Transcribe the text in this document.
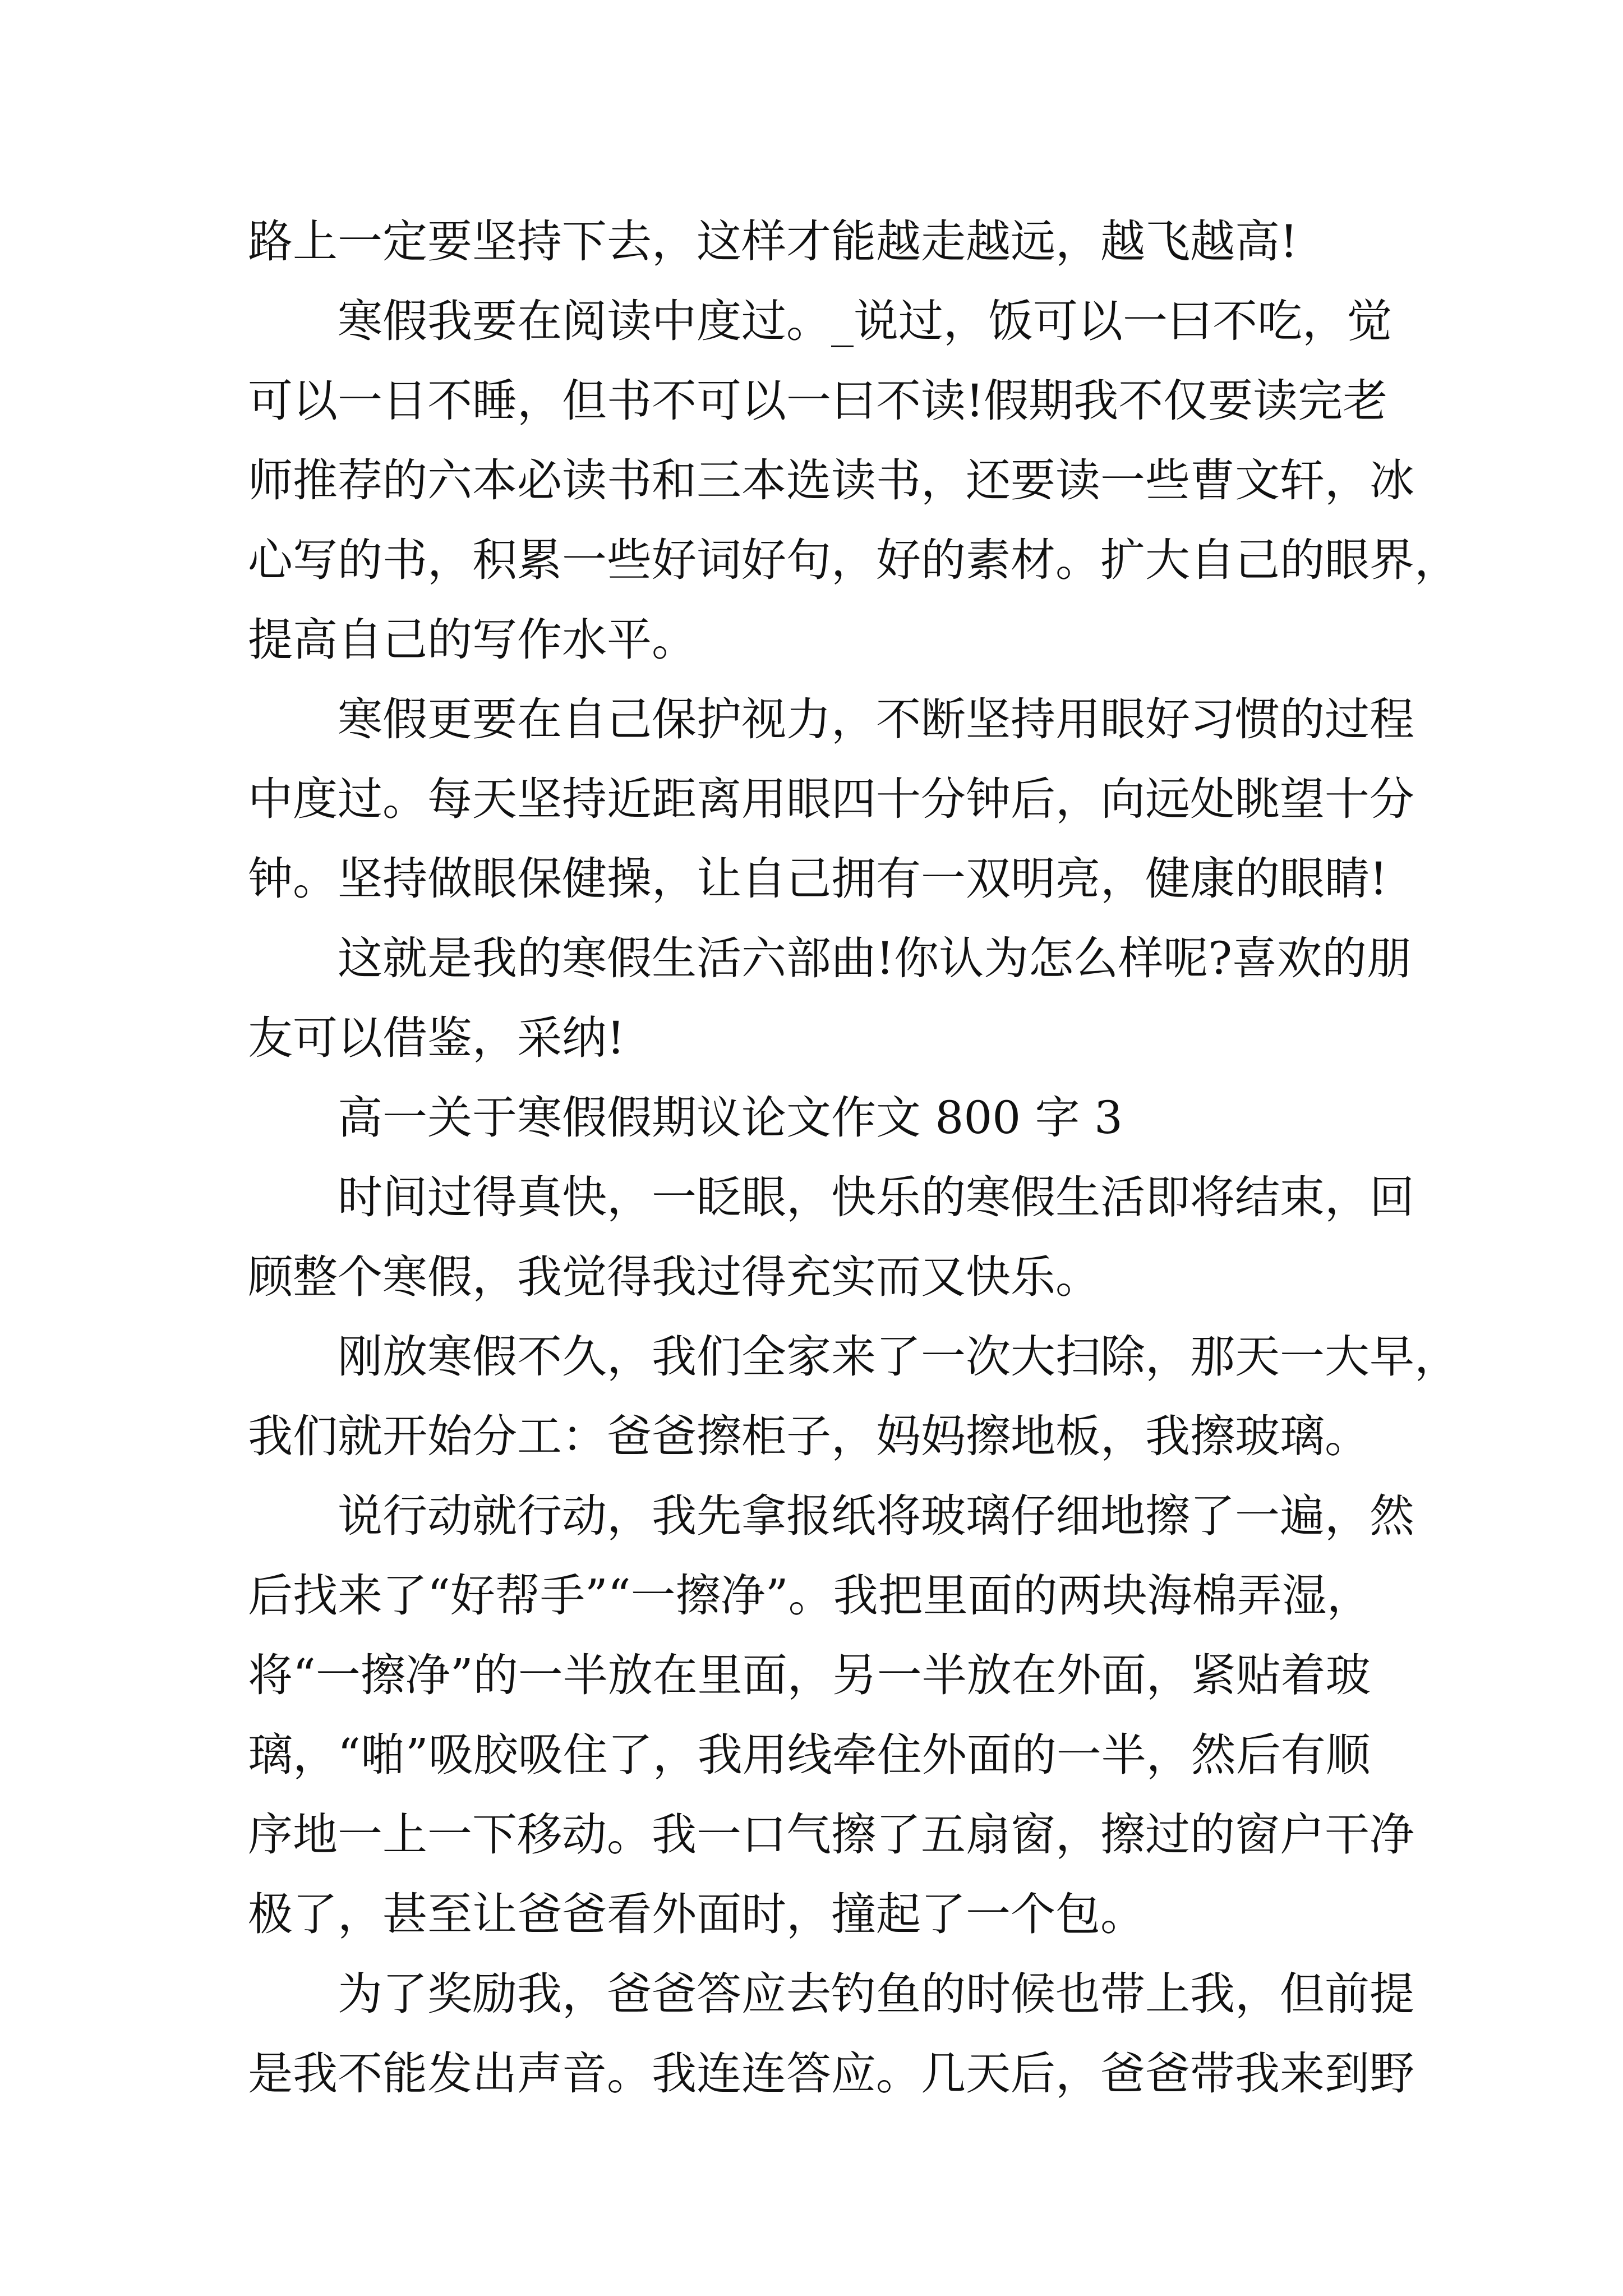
路上一定要坚持下去，这样才能越走越远，越飞越高!
寒假我要在阅读中度过。_说过，饭可以一曰不吃，觉
可以一日不睡，但书不可以一曰不读!假期我不仅要读完老
师推荐的六本必读书和三本选读书，还要读一些曹文轩，冰
心写的书，积累一些好词好句，好的素材。扩大自己的眼界，
提高自己的写作水平。
寒假更要在自己保护视力，不断坚持用眼好习惯的过程
中度过。每天坚持近距离用眼四十分钟后，向远处眺望十分
钟。坚持做眼保健操，让自己拥有一双明亮，健康的眼睛!
这就是我的寒假生活六部曲!你认为怎么样呢?喜欢的朋
友可以借鉴，采纳!
高一关于寒假假期议论文作文 800 字 3
时间过得真快，一眨眼，快乐的寒假生活即将结束，回
顾整个寒假，我觉得我过得充实而又快乐。
刚放寒假不久，我们全家来了一次大扫除，那天一大早，
我们就开始分工：爸爸擦柜子，妈妈擦地板，我擦玻璃。
说行动就行动，我先拿报纸将玻璃仔细地擦了一遍，然
后找来了“好帮手”“一擦净”。我把里面的两块海棉弄湿，
将“一擦净”的一半放在里面，另一半放在外面，紧贴着玻
璃，“啪”吸胶吸住了，我用线牵住外面的一半，然后有顺
序地一上一下移动。我一口气擦了五扇窗，擦过的窗户干净
极了，甚至让爸爸看外面时，撞起了一个包。
为了奖励我，爸爸答应去钓鱼的时候也带上我，但前提
是我不能发出声音。我连连答应。几天后，爸爸带我来到野
